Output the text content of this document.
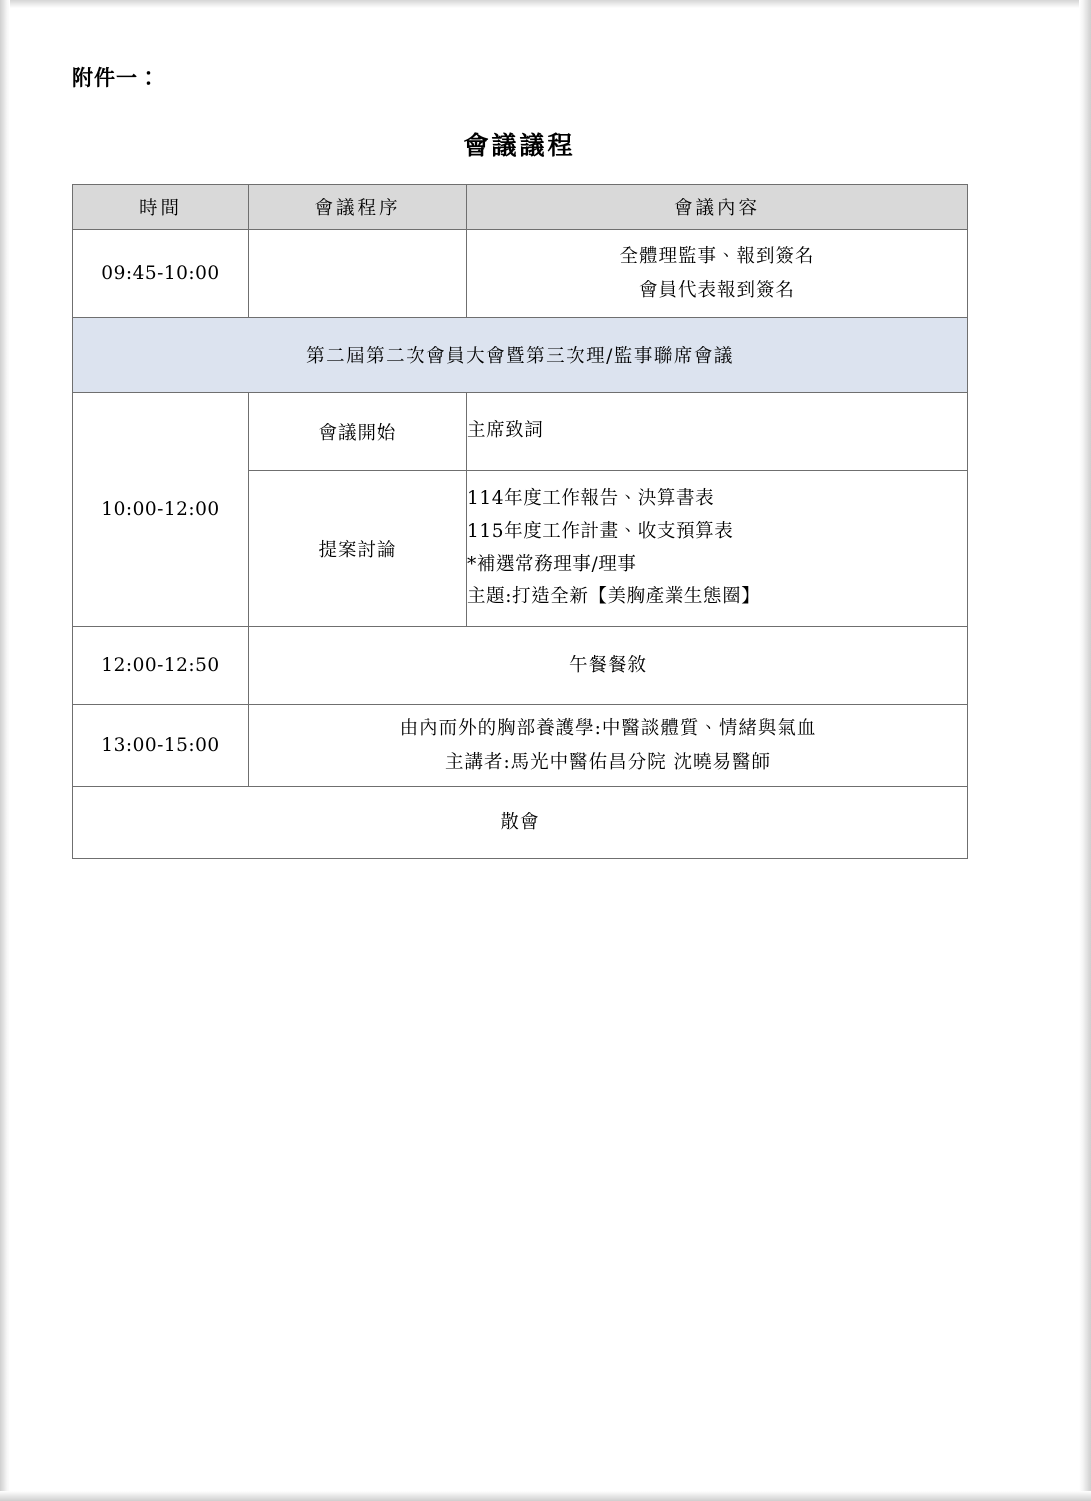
附件一：
會議議程
時間	會議程序	會議內容
09:45-10:00		全體理監事、報到簽名
會員代表報到簽名

第二屆第二次會員大會暨第三次理/監事聯席會議		
10:00-12:00	會議開始	主席致詞

	提案討論	114年度工作報告、決算書表
115年度工作計畫、收支預算表
*補選常務理事/理事
主題:打造全新【美胸產業生態圈】

12:00-12:50	午餐餐敘	

13:00-15:00	由內而外的胸部養護學:中醫談體質、情緒與氣血
主講者:馬光中醫佑昌分院 沈曉易醫師	

散會		
